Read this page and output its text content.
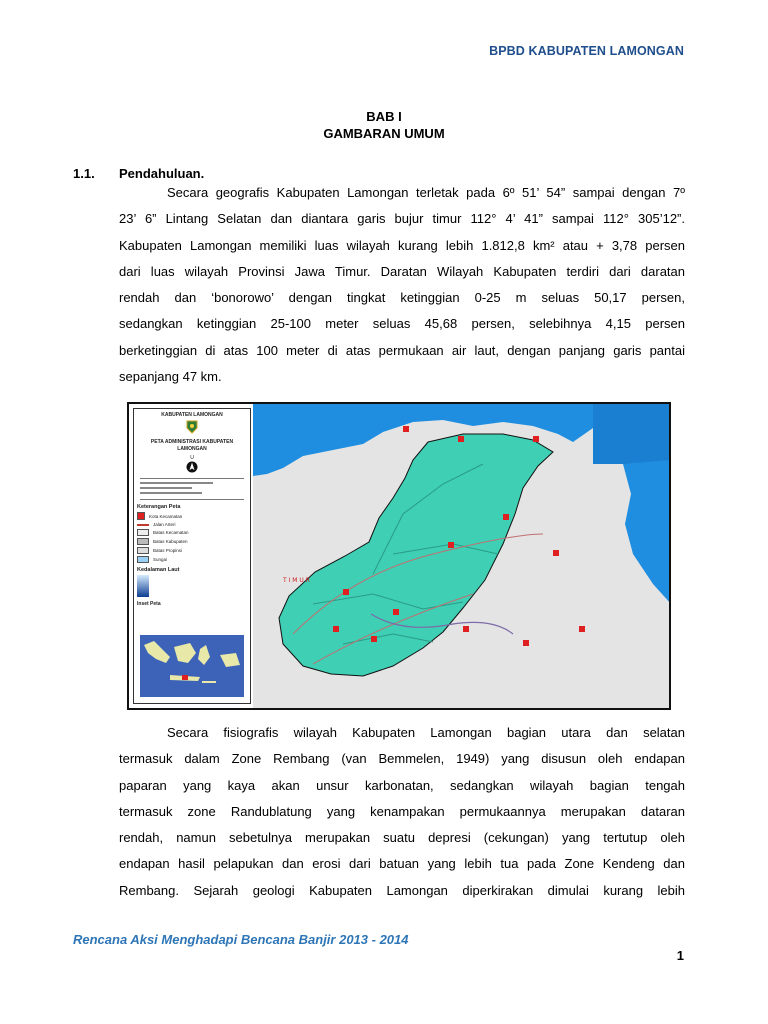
BPBD KABUPATEN LAMONGAN
BAB I
GAMBARAN UMUM
1.1. Pendahuluan.

Secara geografis Kabupaten Lamongan terletak pada 6º 51’ 54” sampai dengan 7º
23’ 6” Lintang Selatan dan diantara garis bujur timur 112° 4’ 41” sampai 112° 305’12”.
Kabupaten Lamongan memiliki luas wilayah kurang lebih 1.812,8 km² atau + 3,78 persen
dari luas wilayah Provinsi Jawa Timur. Daratan Wilayah Kabupaten terdiri dari daratan
rendah dan ‘bonorowo’ dengan tingkat ketinggian 0-25 m seluas 50,17 persen,
sedangkan ketinggian 25-100 meter seluas 45,68 persen, selebihnya 4,15 persen
berketinggian di atas 100 meter di atas permukaan air laut, dengan panjang garis pantai
sepanjang 47 km.

KABUPATEN LAMONGAN
PETA ADMINISTRASI KABUPATEN
LAMONGAN
U
Keterangan Peta
Kota Kecamatan
Jalan Arteri
Batas Kecamatan
Batas Kabupaten
Batas Propinsi
Sungai
Kedalaman Laut
Inset Peta
T I M U R

Secara fisiografis wilayah Kabupaten Lamongan bagian utara dan selatan
termasuk dalam Zone Rembang (van Bemmelen, 1949) yang disusun oleh endapan
paparan yang kaya akan unsur karbonatan, sedangkan wilayah bagian tengah
termasuk zone Randublatung yang kenampakan permukaannya merupakan dataran
rendah, namun sebetulnya merupakan suatu depresi (cekungan) yang tertutup oleh
endapan hasil pelapukan dan erosi dari batuan yang lebih tua pada Zone Kendeng dan
Rembang. Sejarah geologi Kabupaten Lamongan diperkirakan dimulai kurang lebih

Rencana Aksi Menghadapi Bencana Banjir 2013 - 2014
1
